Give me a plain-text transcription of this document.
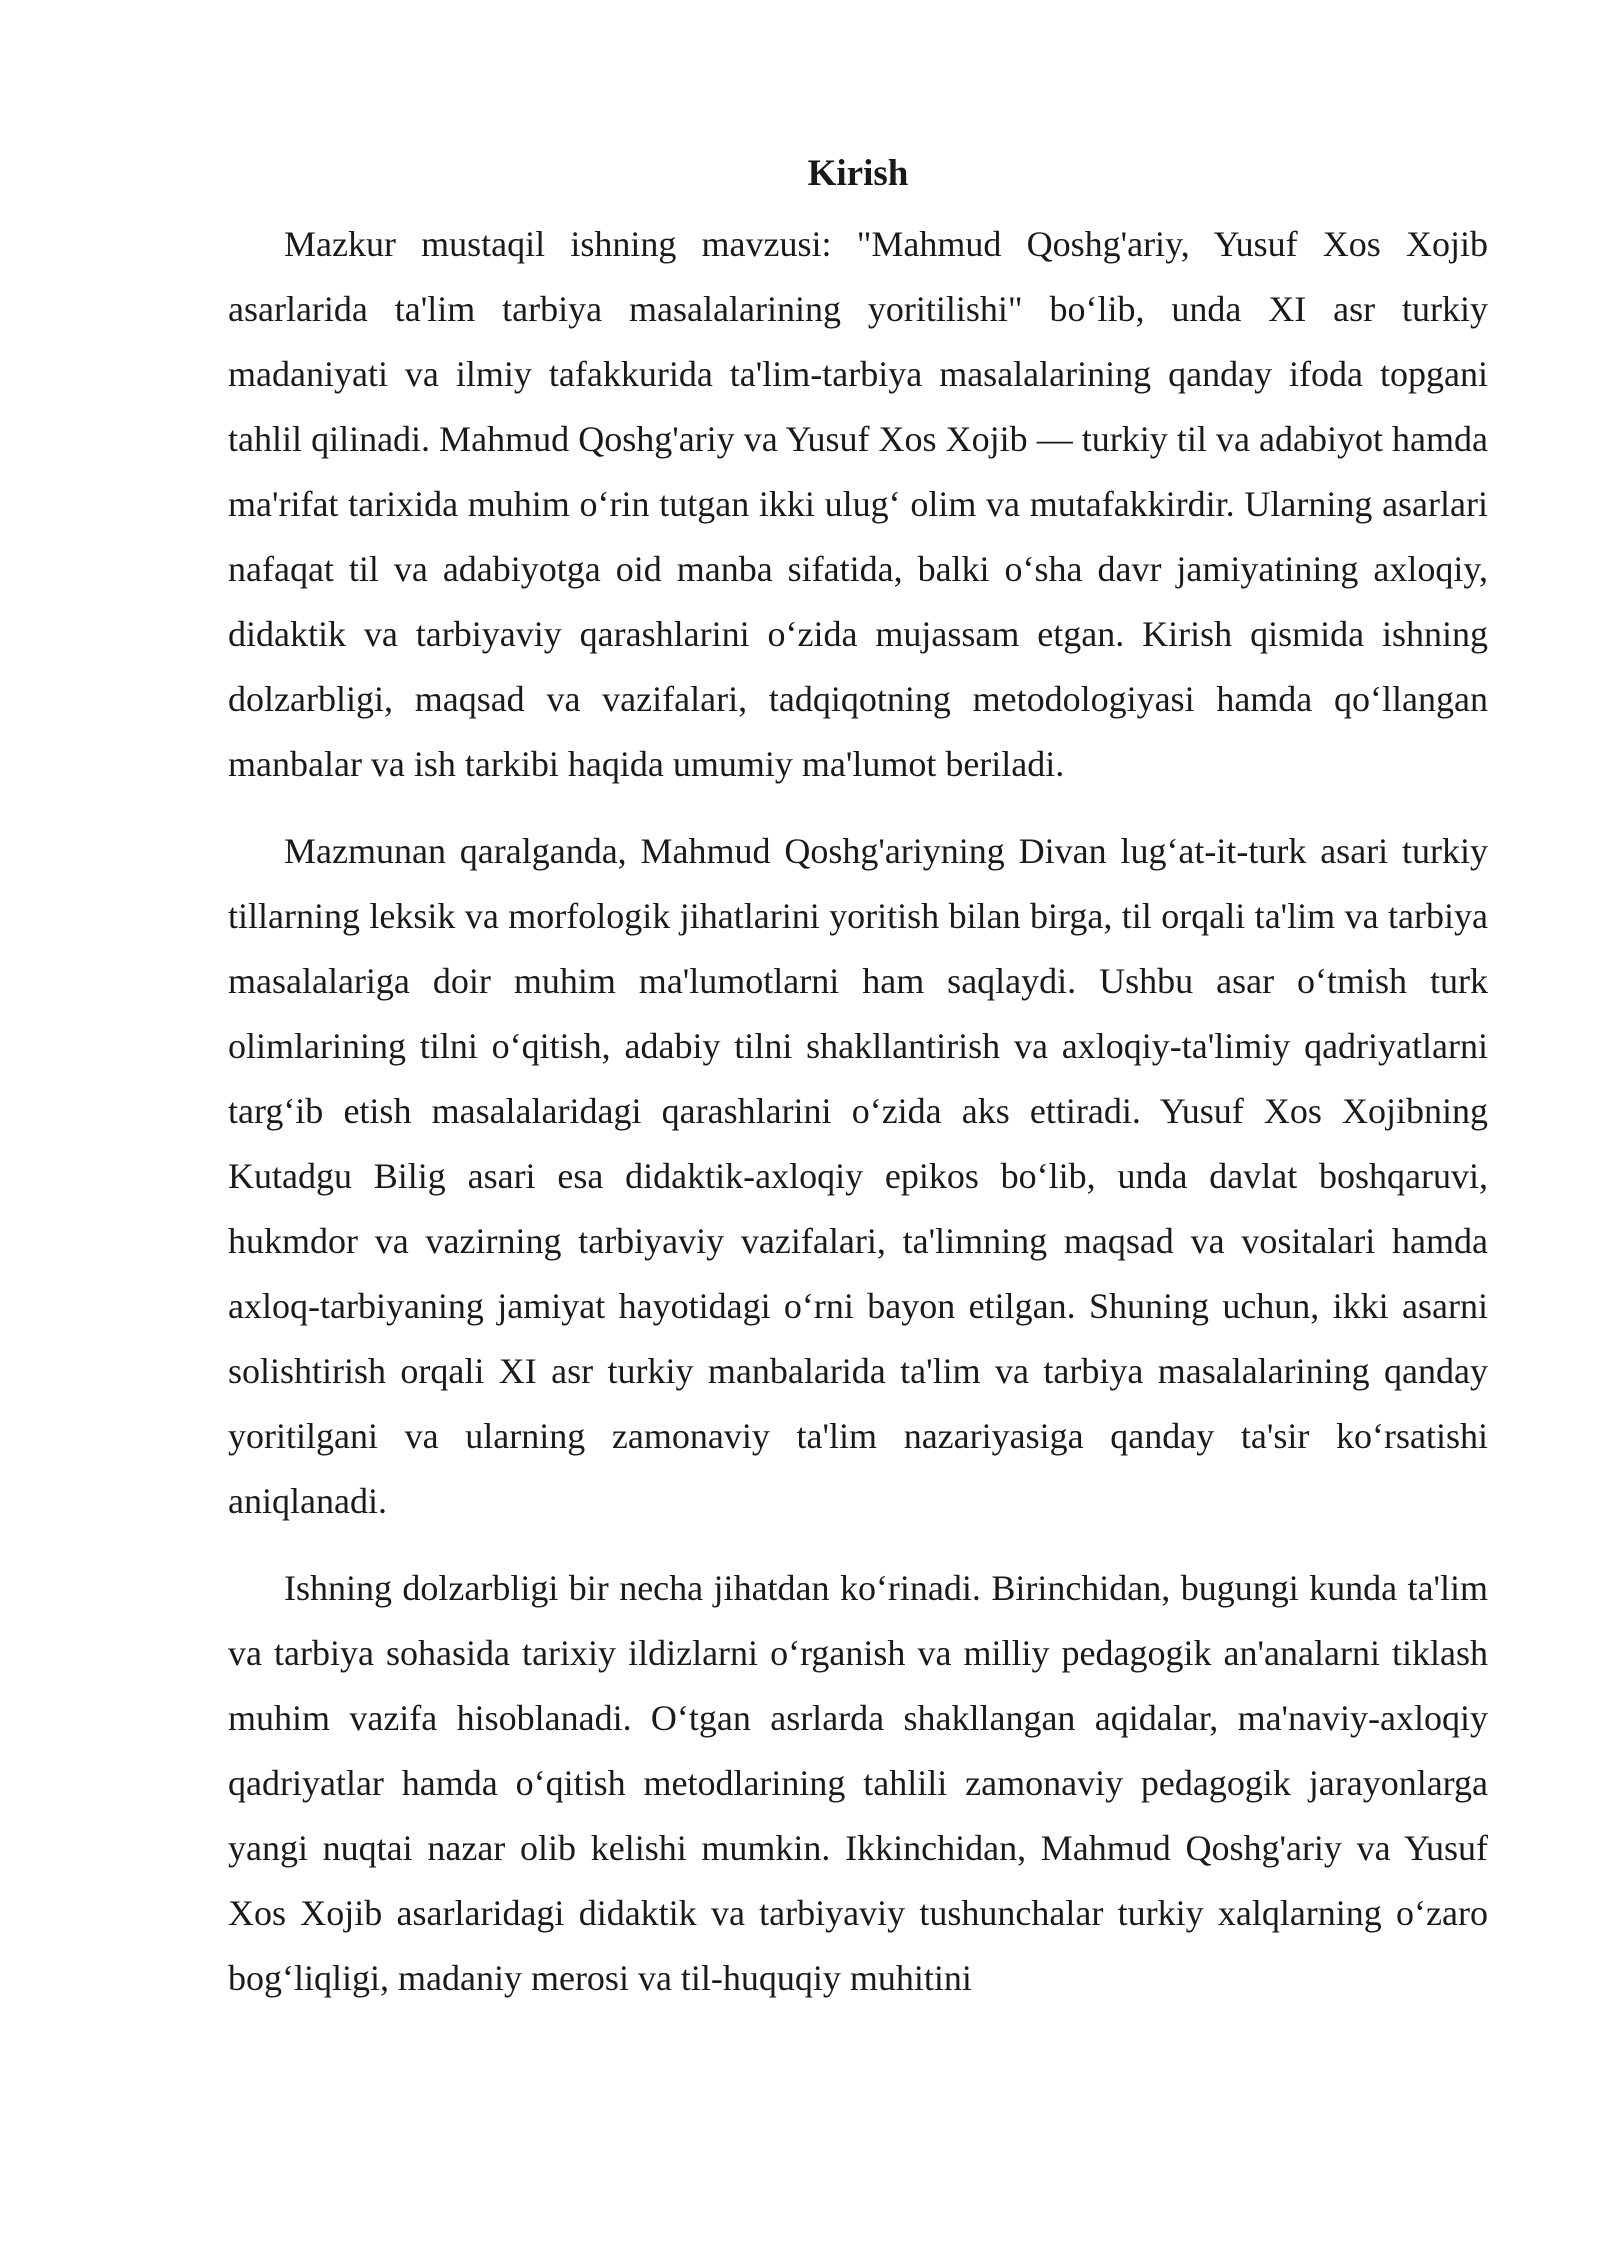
Kirish

Mazkur mustaqil ishning mavzusi: "Mahmud Qoshg'ariy, Yusuf Xos Xojib asarlarida ta'lim tarbiya masalalarining yoritilishi" bo‘lib, unda XI asr turkiy madaniyati va ilmiy tafakkurida ta'lim-tarbiya masalalarining qanday ifoda topgani tahlil qilinadi. Mahmud Qoshg'ariy va Yusuf Xos Xojib — turkiy til va adabiyot hamda ma'rifat tarixida muhim o‘rin tutgan ikki ulug‘ olim va mutafakkirdir. Ularning asarlari nafaqat til va adabiyotga oid manba sifatida, balki o‘sha davr jamiyatining axloqiy, didaktik va tarbiyaviy qarashlarini o‘zida mujassam etgan. Kirish qismida ishning dolzarbligi, maqsad va vazifalari, tadqiqotning metodologiyasi hamda qo‘llangan manbalar va ish tarkibi haqida umumiy ma'lumot beriladi.

Mazmunan qaralganda, Mahmud Qoshg'ariyning Divan lug‘at-it-turk asari turkiy tillarning leksik va morfologik jihatlarini yoritish bilan birga, til orqali ta'lim va tarbiya masalalariga doir muhim ma'lumotlarni ham saqlaydi. Ushbu asar o‘tmish turk olimlarining tilni o‘qitish, adabiy tilni shakllantirish va axloqiy-ta'limiy qadriyatlarni targ‘ib etish masalalaridagi qarashlarini o‘zida aks ettiradi. Yusuf Xos Xojibning Kutadgu Bilig asari esa didaktik-axloqiy epikos bo‘lib, unda davlat boshqaruvi, hukmdor va vazirning tarbiyaviy vazifalari, ta'limning maqsad va vositalari hamda axloq-tarbiyaning jamiyat hayotidagi o‘rni bayon etilgan. Shuning uchun, ikki asarni solishtirish orqali XI asr turkiy manbalarida ta'lim va tarbiya masalalarining qanday yoritilgani va ularning zamonaviy ta'lim nazariyasiga qanday ta'sir ko‘rsatishi aniqlanadi.

Ishning dolzarbligi bir necha jihatdan ko‘rinadi. Birinchidan, bugungi kunda ta'lim va tarbiya sohasida tarixiy ildizlarni o‘rganish va milliy pedagogik an'analarni tiklash muhim vazifa hisoblanadi. O‘tgan asrlarda shakllangan aqidalar, ma'naviy-axloqiy qadriyatlar hamda o‘qitish metodlarining tahlili zamonaviy pedagogik jarayonlarga yangi nuqtai nazar olib kelishi mumkin. Ikkinchidan, Mahmud Qoshg'ariy va Yusuf Xos Xojib asarlaridagi didaktik va tarbiyaviy tushunchalar turkiy xalqlarning o‘zaro bog‘liqligi, madaniy merosi va til-huquqiy muhitini
